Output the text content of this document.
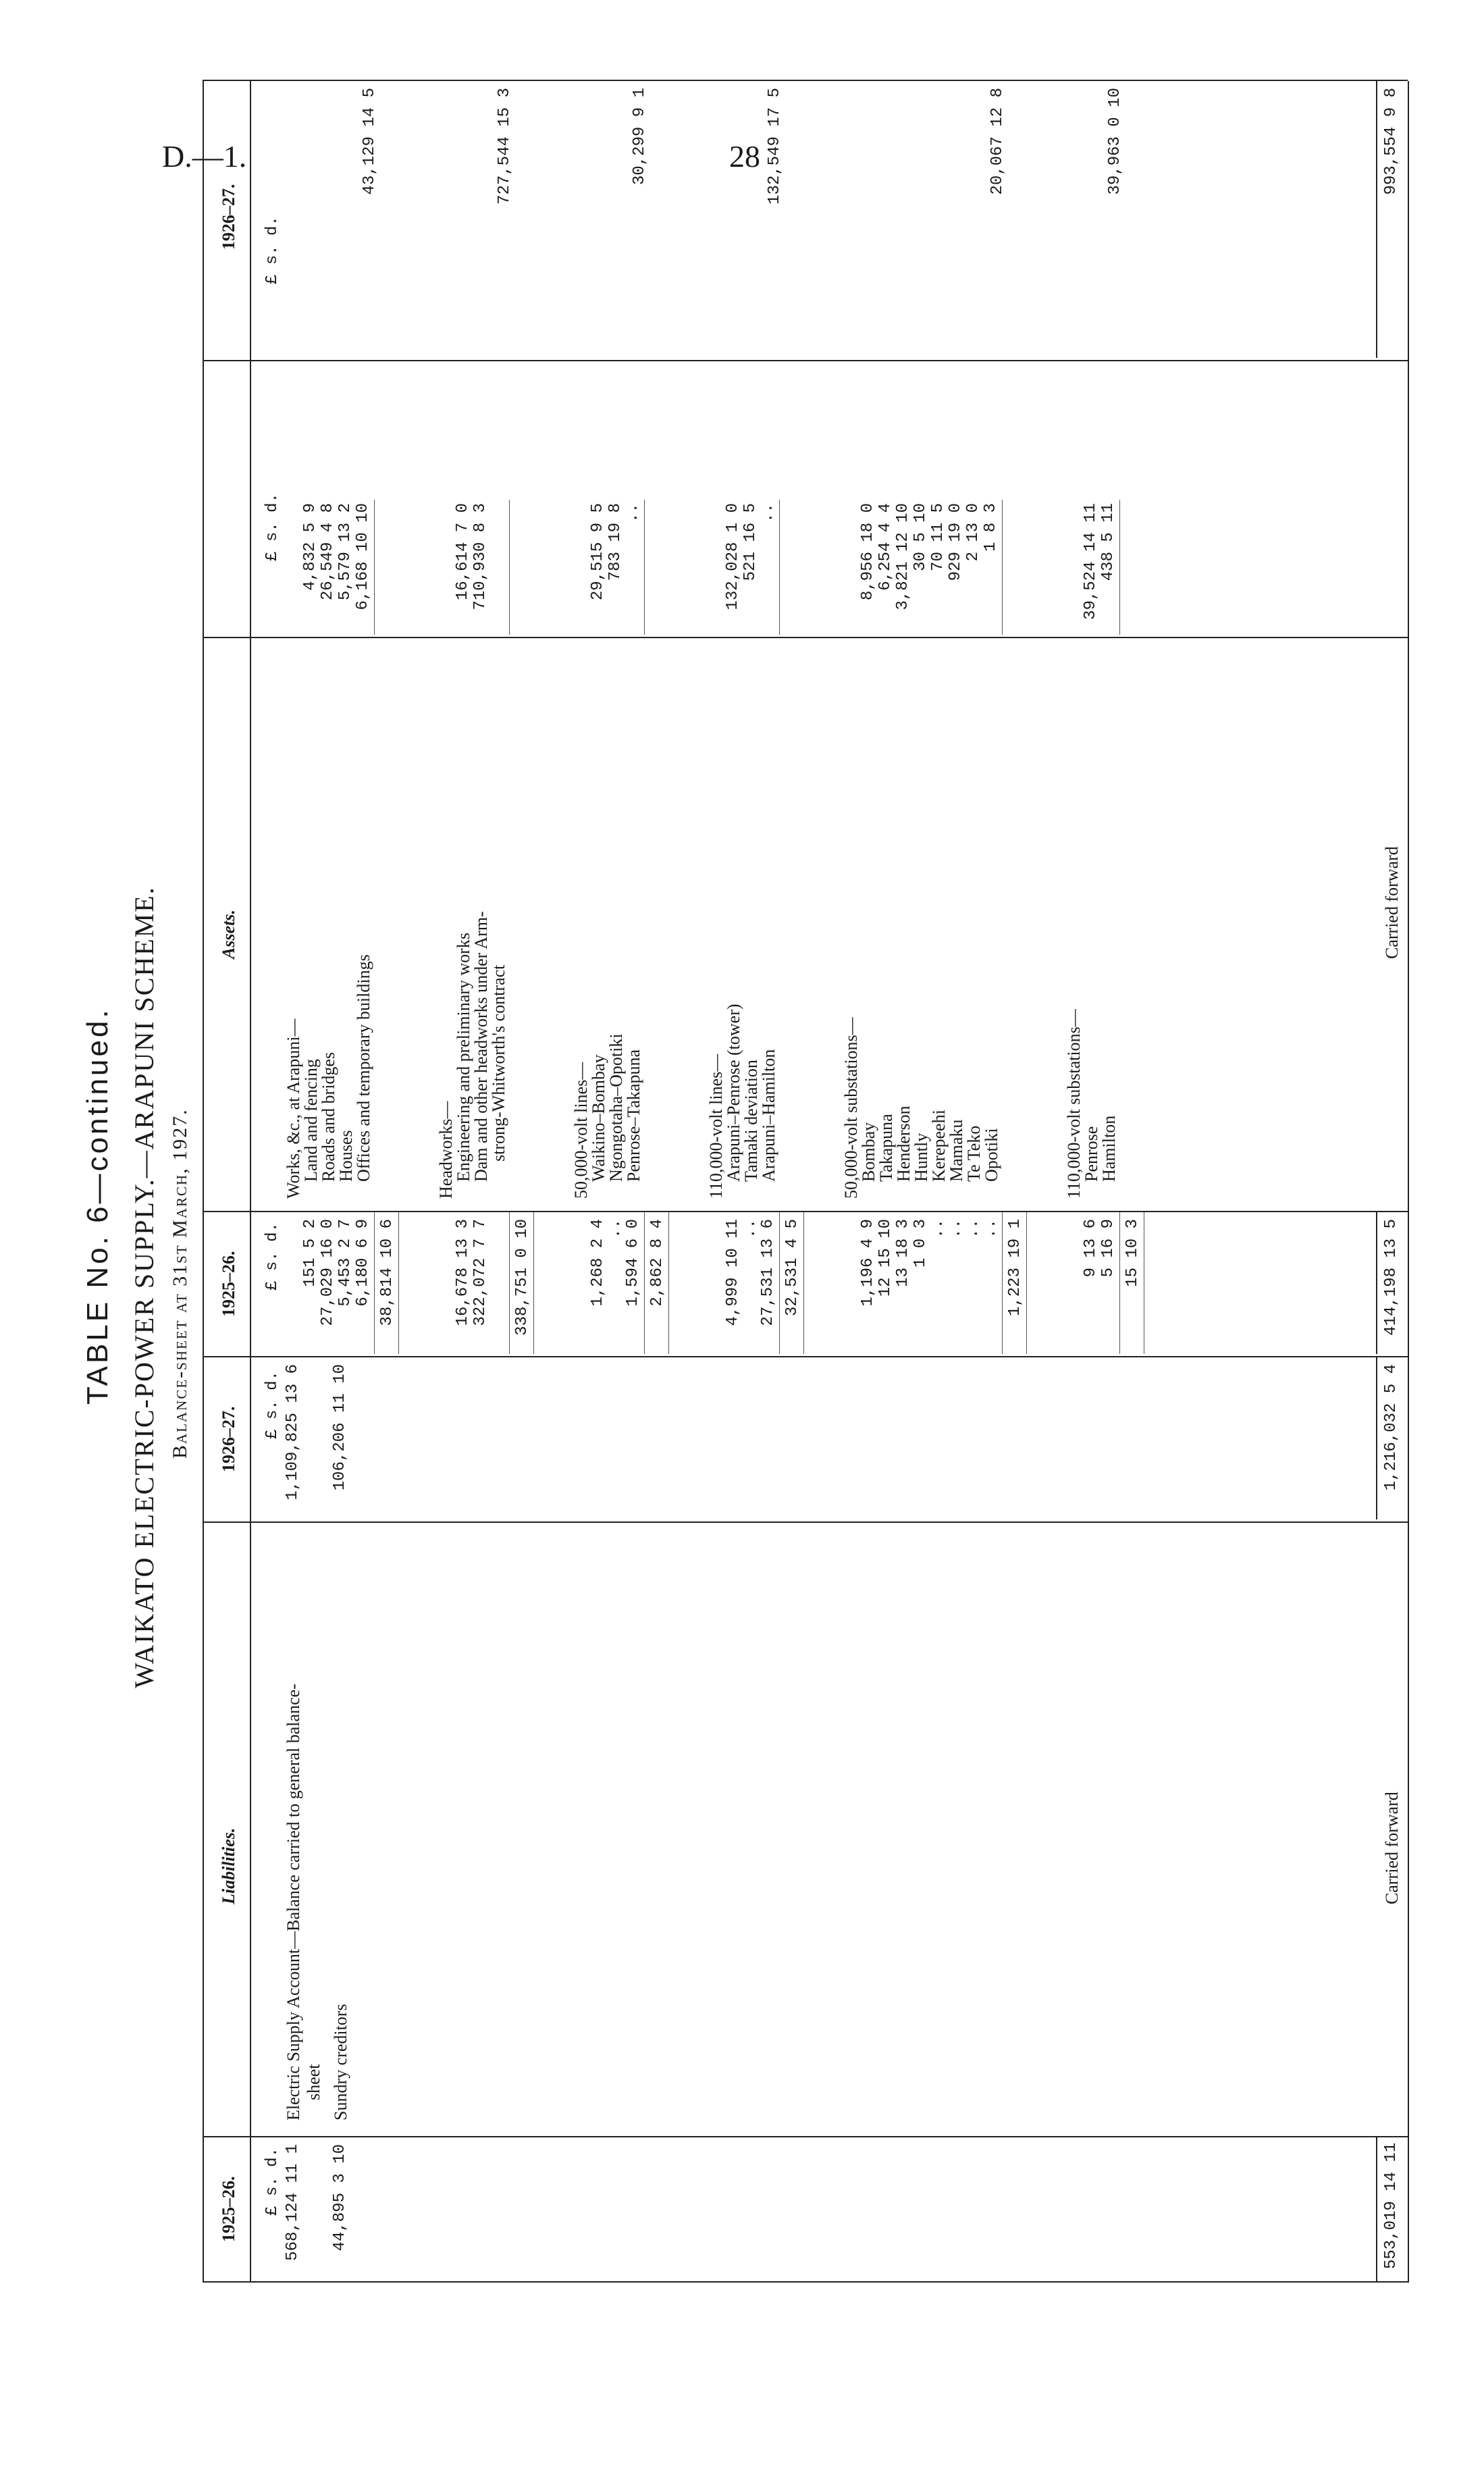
D.—1.	28
TABLE No. 6—continued. WAIKATO ELECTRIC-POWER SUPPLY.—ARAPUNI SCHEME. Balance-sheet at 31st March, 1927.
1925–26.
Liabilities.
1926–27.
1925–26.
Assets.
1926–27.
£ s. d.
£ s. d.
£ s. d.
£ s. d.
£ s. d.
Electric Supply Account—Balance carried to general balance- sheet
568,124 11 1
1,109,825 13 6
Sundry creditors
44,895 3 10
106,206 11 10
Carried forward
553,019 14 11
1,216,032 5 4
Works, &c., at Arapuni—
Land and fencing
151 5 2
4,832 5 9
Roads and bridges
27,029 16 0
26,549 4 8
Houses
5,453 2 7
5,579 13 2
Offices and temporary buildings
6,180 6 9
6,168 10 10
38,814 10 6
43,129 14 5
Headworks—
Engineering and preliminary works
16,678 13 3
16,614 7 0
Dam and other headworks under Arm-
322,072 7 7
710,930 8 3
strong-Whitworth's contract
338,751 0 10
727,544 15 3
50,000-volt lines—
Waikino–Bombay
1,268 2 4
29,515 9 5
Ngongotaha–Opotiki
..
783 19 8
Penrose–Takapuna
1,594 6 0
..
2,862 8 4
30,299 9 1
110,000-volt lines—
Arapuni–Penrose (tower)
4,999 10 11
132,028 1 0
Tamaki deviation
..
521 16 5
Arapuni–Hamilton
27,531 13 6
..
32,531 4 5
132,549 17 5
50,000-volt substations—
Bombay
1,196 4 9
8,956 18 0
Takapuna
12 15 10
6,254 4 4
Henderson
13 18 3
3,821 12 10
Huntly
1 0 3
30 5 10
Kerepeehi
..
70 11 5
Mamaku
..
929 19 0
Te Teko
..
2 13 0
Opotiki
..
1 8 3
1,223 19 1
20,067 12 8
110,000-volt substations—
Penrose
9 13 6
39,524 14 11
Hamilton
5 16 9
438 5 11
15 10 3
39,963 0 10
Carried forward
414,198 13 5
993,554 9 8
